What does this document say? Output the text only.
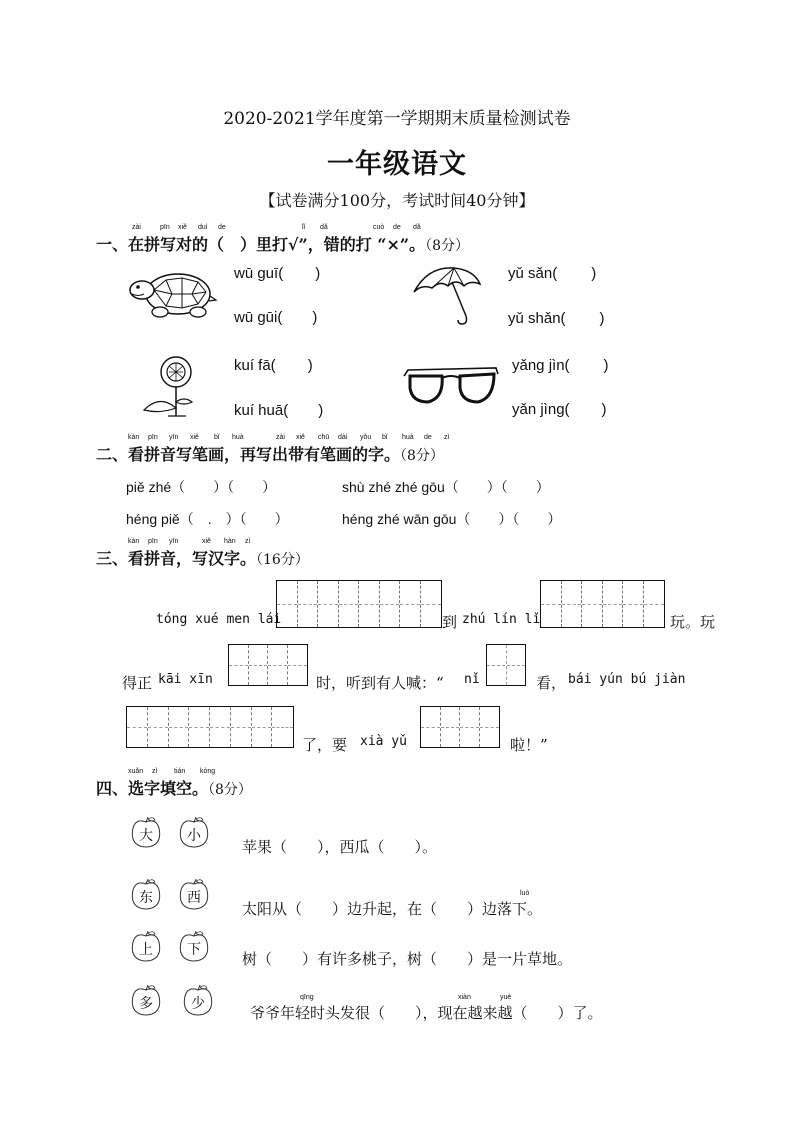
2020-2021学年度第一学期期末质量检测试卷
一年级语文
【试卷满分100分，考试时间40分钟】
一、在拼写对的（　）里打√”，错的打 “×”。（8分）
zài	pīn xiě duì de	lǐ dǎ	cuò de dǎ
wū guī( )
wū gūi( )
yǔ sǎn( )
yǔ shǎn( )
kuí fā( )
kuí huā( )
yǎng jìn( )
yǎn jìng( )
二、看拼音写笔画，再写出带有笔画的字。（8分）
kàn pīn yīn xiě bǐ huà	zài xiě chū dài yǒu bǐ huà de zì
piě zhé（　　）（　　）	shù zhé zhé gōu（　　）（　　）
héng piě（　.　）（　　）	héng zhé wān gōu（　　）（　　）
三、看拼音，写汉字。（16分）
kàn pīn yīn	xiě hàn zì
tóng xué men lái	到 zhú lín lǐ	玩。玩
得正 kāi xīn	时，听到有人喊：“ nǐ	看， bái yún bú jiàn
了，要 xià yǔ	啦！”
四、选字填空。（8分）
xuǎn zì tián kòng
大	小
苹果（　　），西瓜（　　）。
东	西	luò
太阳从（　　）边升起，在（　　）边落下。
上	下	树（　　）有许多桃子，树（　　）是一片草地。
多	少	qīng	xiàn	yuè
爷爷年轻时头发很（　　），现在越来越（　　）了。
